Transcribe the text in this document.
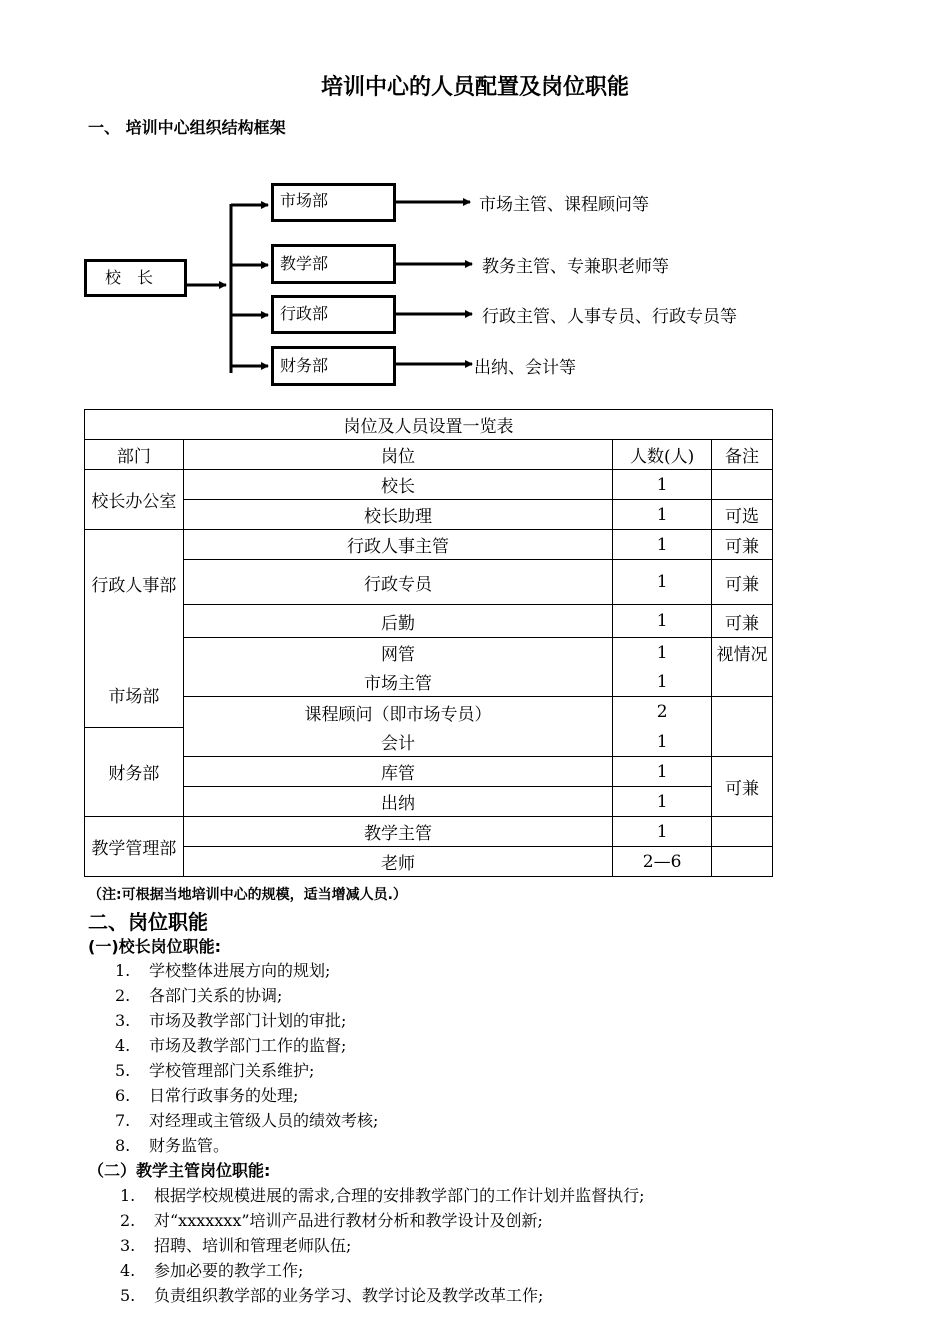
培训中心的人员配置及岗位职能
一、 培训中心组织结构框架
校　长
市场部
教学部
行政部
财务部
市场主管、课程顾问等
教务主管、专兼职老师等
行政主管、人事专员、行政专员等
出纳、会计等
岗位及人员设置一览表			
部门	岗位	人数(人)	备注
校长办公室	校长	1	
	校长助理	1	可选
行政人事部	行政人事主管	1	可兼
	行政专员	1	可兼
	后勤	1	可兼
市场部	网管	1	视情况
	市场主管	1	
	课程顾问（即市场专员）	2	
财务部	会计	1	
	库管	1	可兼
	出纳	1	
教学管理部	教学主管	1	
	老师	2—6	
（注:可根据当地培训中心的规模，适当增减人员.）
二、岗位职能
(一)校长岗位职能:
1. 学校整体进展方向的规划;
2. 各部门关系的协调;
3. 市场及教学部门计划的审批;
4. 市场及教学部门工作的监督;
5. 学校管理部门关系维护;
6. 日常行政事务的处理;
7. 对经理或主管级人员的绩效考核;
8. 财务监管。
（二）教学主管岗位职能:
1. 根据学校规模进展的需求,合理的安排教学部门的工作计划并监督执行;
2. 对“xxxxxxx”培训产品进行教材分析和教学设计及创新;
3. 招聘、培训和管理老师队伍;
4. 参加必要的教学工作;
5. 负责组织教学部的业务学习、教学讨论及教学改革工作;
